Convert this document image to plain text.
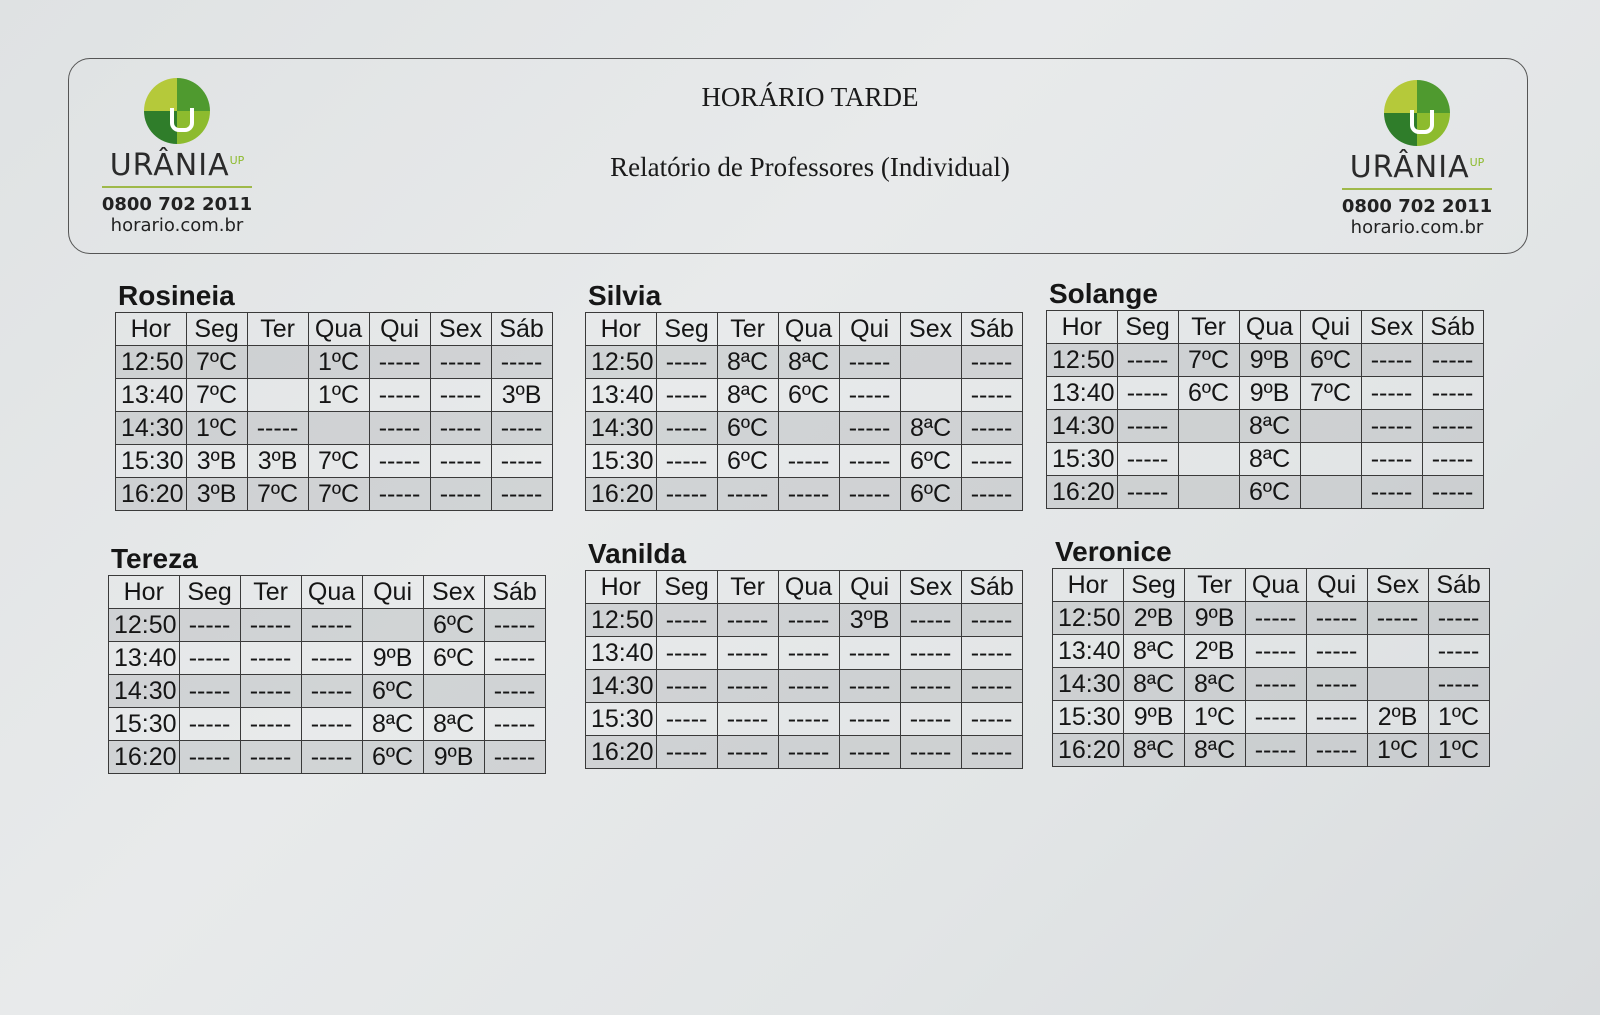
$URÂNIA^{UP}$
0800 702 2011
horario.com.br
HORÁRIO TARDE
Relatório de Professores (Individual)	$URÂNIA^{UP}$
0800 702 2011
horario.com.br
Rosineia
Hor	Seg	Ter	Qua	Qui	Sex	Sáb
12:50	7ºC		1ºC	-----	-----	-----
13:40	7ºC		1ºC	-----	-----	3ºB
14:30	1ºC	-----		-----	-----	-----
15:30	3ºB	3ºB	7ºC	-----	-----	-----
16:20	3ºB	7ºC	7ºC	-----	-----	-----
Silvia
Hor	Seg	Ter	Qua	Qui	Sex	Sáb
12:50	-----	8ªC	8ªC	-----		-----
13:40	-----	8ªC	6ºC	-----		-----
14:30	-----	6ºC		-----	8ªC	-----
15:30	-----	6ºC	-----	-----	6ºC	-----
16:20	-----	-----	-----	-----	6ºC	-----
Solange
Hor	Seg	Ter	Qua	Qui	Sex	Sáb
12:50	-----	7ºC	9ºB	6ºC	-----	-----
13:40	-----	6ºC	9ºB	7ºC	-----	-----
14:30	-----		8ªC		-----	-----
15:30	-----		8ªC		-----	-----
16:20	-----		6ºC		-----	-----
Tereza
Hor	Seg	Ter	Qua	Qui	Sex	Sáb
12:50	-----	-----	-----		6ºC	-----
13:40	-----	-----	-----	9ºB	6ºC	-----
14:30	-----	-----	-----	6ºC		-----
15:30	-----	-----	-----	8ªC	8ªC	-----
16:20	-----	-----	-----	6ºC	9ºB	-----
Vanilda
Hor	Seg	Ter	Qua	Qui	Sex	Sáb
12:50	-----	-----	-----	3ºB	-----	-----
13:40	-----	-----	-----	-----	-----	-----
14:30	-----	-----	-----	-----	-----	-----
15:30	-----	-----	-----	-----	-----	-----
16:20	-----	-----	-----	-----	-----	-----
Veronice
Hor	Seg	Ter	Qua	Qui	Sex	Sáb
12:50	2ºB	9ºB	-----	-----	-----	-----
13:40	8ªC	2ºB	-----	-----		-----
14:30	8ªC	8ªC	-----	-----		-----
15:30	9ºB	1ºC	-----	-----	2ºB	1ºC
16:20	8ªC	8ªC	-----	-----	1ºC	1ºC
